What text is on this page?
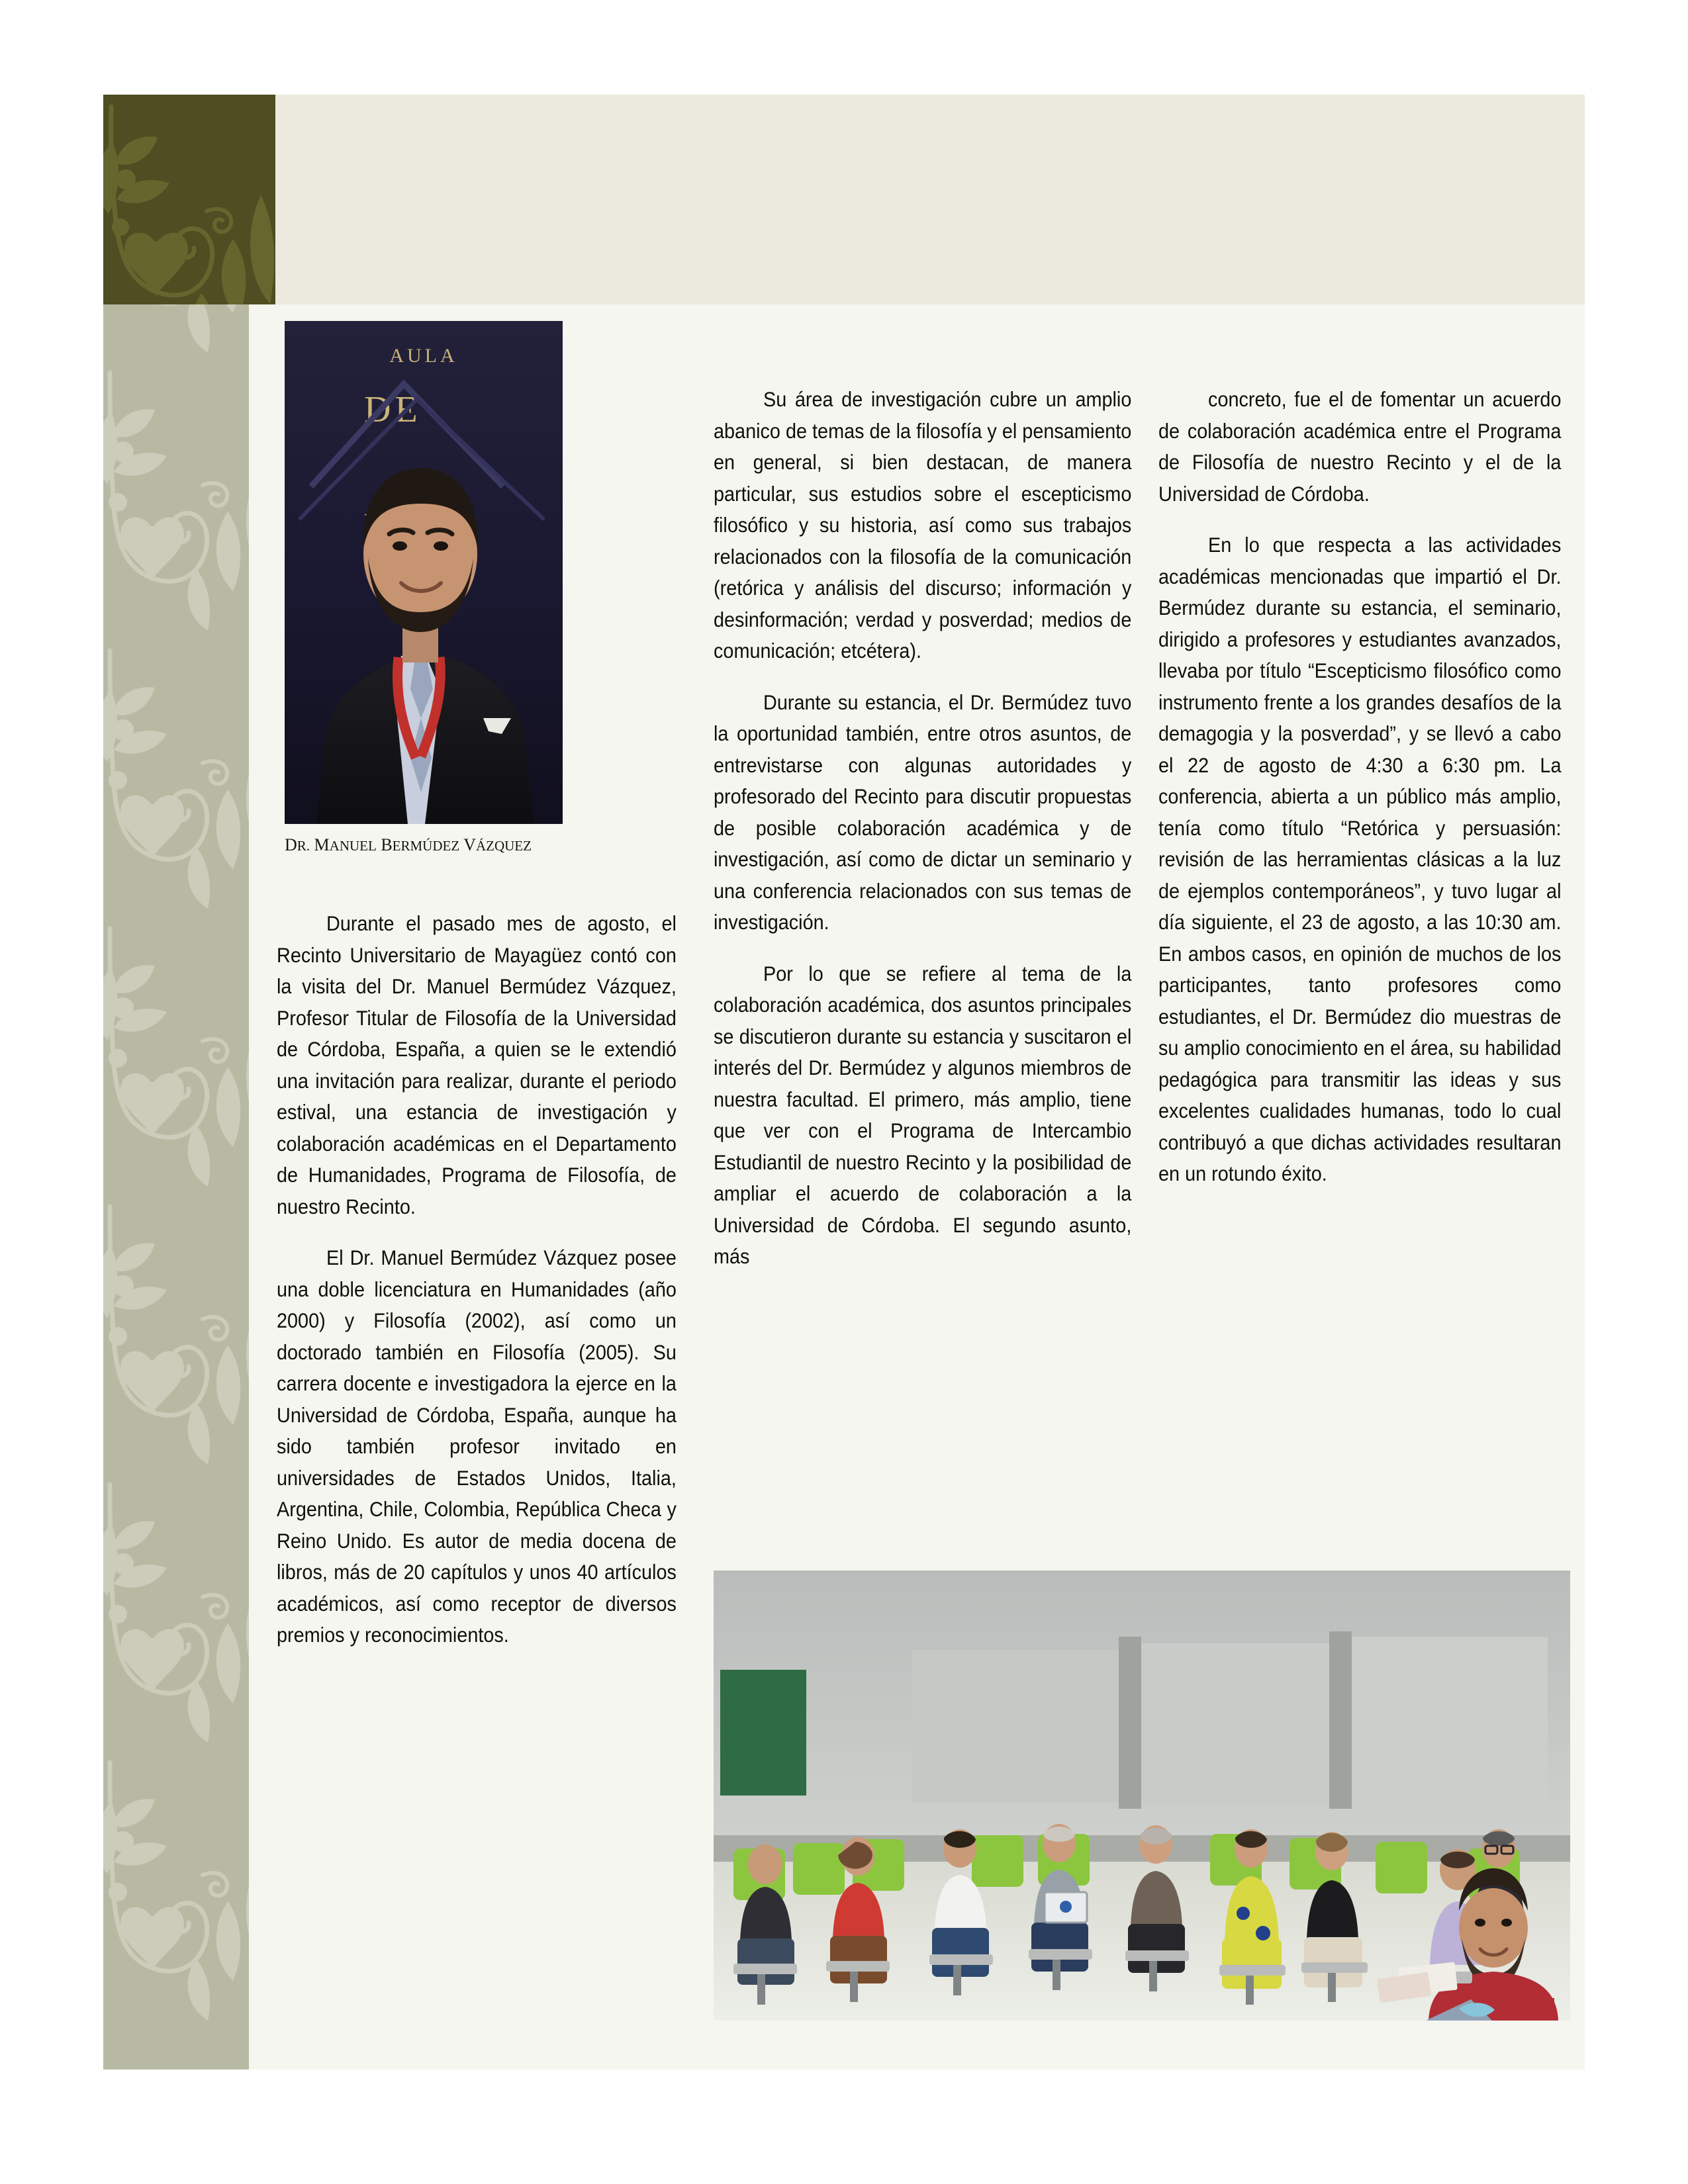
AULA
DE
DR. MANUEL BERMÚDEZ VÁZQUEZ

Durante el pasado mes de agosto, el Recinto Universitario de Mayagüez contó con la visita del Dr. Manuel Bermúdez Vázquez, Profesor Titular de Filosofía de la Universidad de Córdoba, España, a quien se le extendió una invitación para realizar, durante el periodo estival, una estancia de investigación y colaboración académicas en el Departamento de Humanidades, Programa de Filosofía, de nuestro Recinto.

El Dr. Manuel Bermúdez Vázquez posee una doble licenciatura en Humanidades (año 2000) y Filosofía (2002), así como un doctorado también en Filosofía (2005). Su carrera docente e investigadora la ejerce en la Universidad de Córdoba, España, aunque ha sido también profesor invitado en universidades de Estados Unidos, Italia, Argentina, Chile, Colombia, República Checa y Reino Unido. Es autor de media docena de libros, más de 20 capítulos y unos 40 artículos académicos, así como receptor de diversos premios y reconocimientos.

Su área de investigación cubre un amplio abanico de temas de la filosofía y el pensamiento en general, si bien destacan, de manera particular, sus estudios sobre el escepticismo filosófico y su historia, así como sus trabajos relacionados con la filosofía de la comunicación (retórica y análisis del discurso; información y desinformación; verdad y posverdad; medios de comunicación; etcétera).

Durante su estancia, el Dr. Bermúdez tuvo la oportunidad también, entre otros asuntos, de entrevistarse con algunas autoridades y profesorado del Recinto para discutir propuestas de posible colaboración académica y de investigación, así como de dictar un seminario y una conferencia relacionados con sus temas de investigación.

Por lo que se refiere al tema de la colaboración académica, dos asuntos principales se discutieron durante su estancia y suscitaron el interés del Dr. Bermúdez y algunos miembros de nuestra facultad. El primero, más amplio, tiene que ver con el Programa de Intercambio Estudiantil de nuestro Recinto y la posibilidad de ampliar el acuerdo de colaboración a la Universidad de Córdoba. El segundo asunto, más

concreto, fue el de fomentar un acuerdo de colaboración académica entre el Programa de Filosofía de nuestro Recinto y el de la Universidad de Córdoba.

En lo que respecta a las actividades académicas mencionadas que impartió el Dr. Bermúdez durante su estancia, el seminario, dirigido a profesores y estudiantes avanzados, llevaba por título “Escepticismo filosófico como instrumento frente a los grandes desafíos de la demagogia y la posverdad”, y se llevó a cabo el 22 de agosto de 4:30 a 6:30 pm. La conferencia, abierta a un público más amplio, tenía como título “Retórica y persuasión: revisión de las herramientas clásicas a la luz de ejemplos contemporáneos”, y tuvo lugar al día siguiente, el 23 de agosto, a las 10:30 am. En ambos casos, en opinión de muchos de los participantes, tanto profesores como estudiantes, el Dr. Bermúdez dio muestras de su amplio conocimiento en el área, su habilidad pedagógica para transmitir las ideas y sus excelentes cualidades humanas, todo lo cual contribuyó a que dichas actividades resultaran en un rotundo éxito.
